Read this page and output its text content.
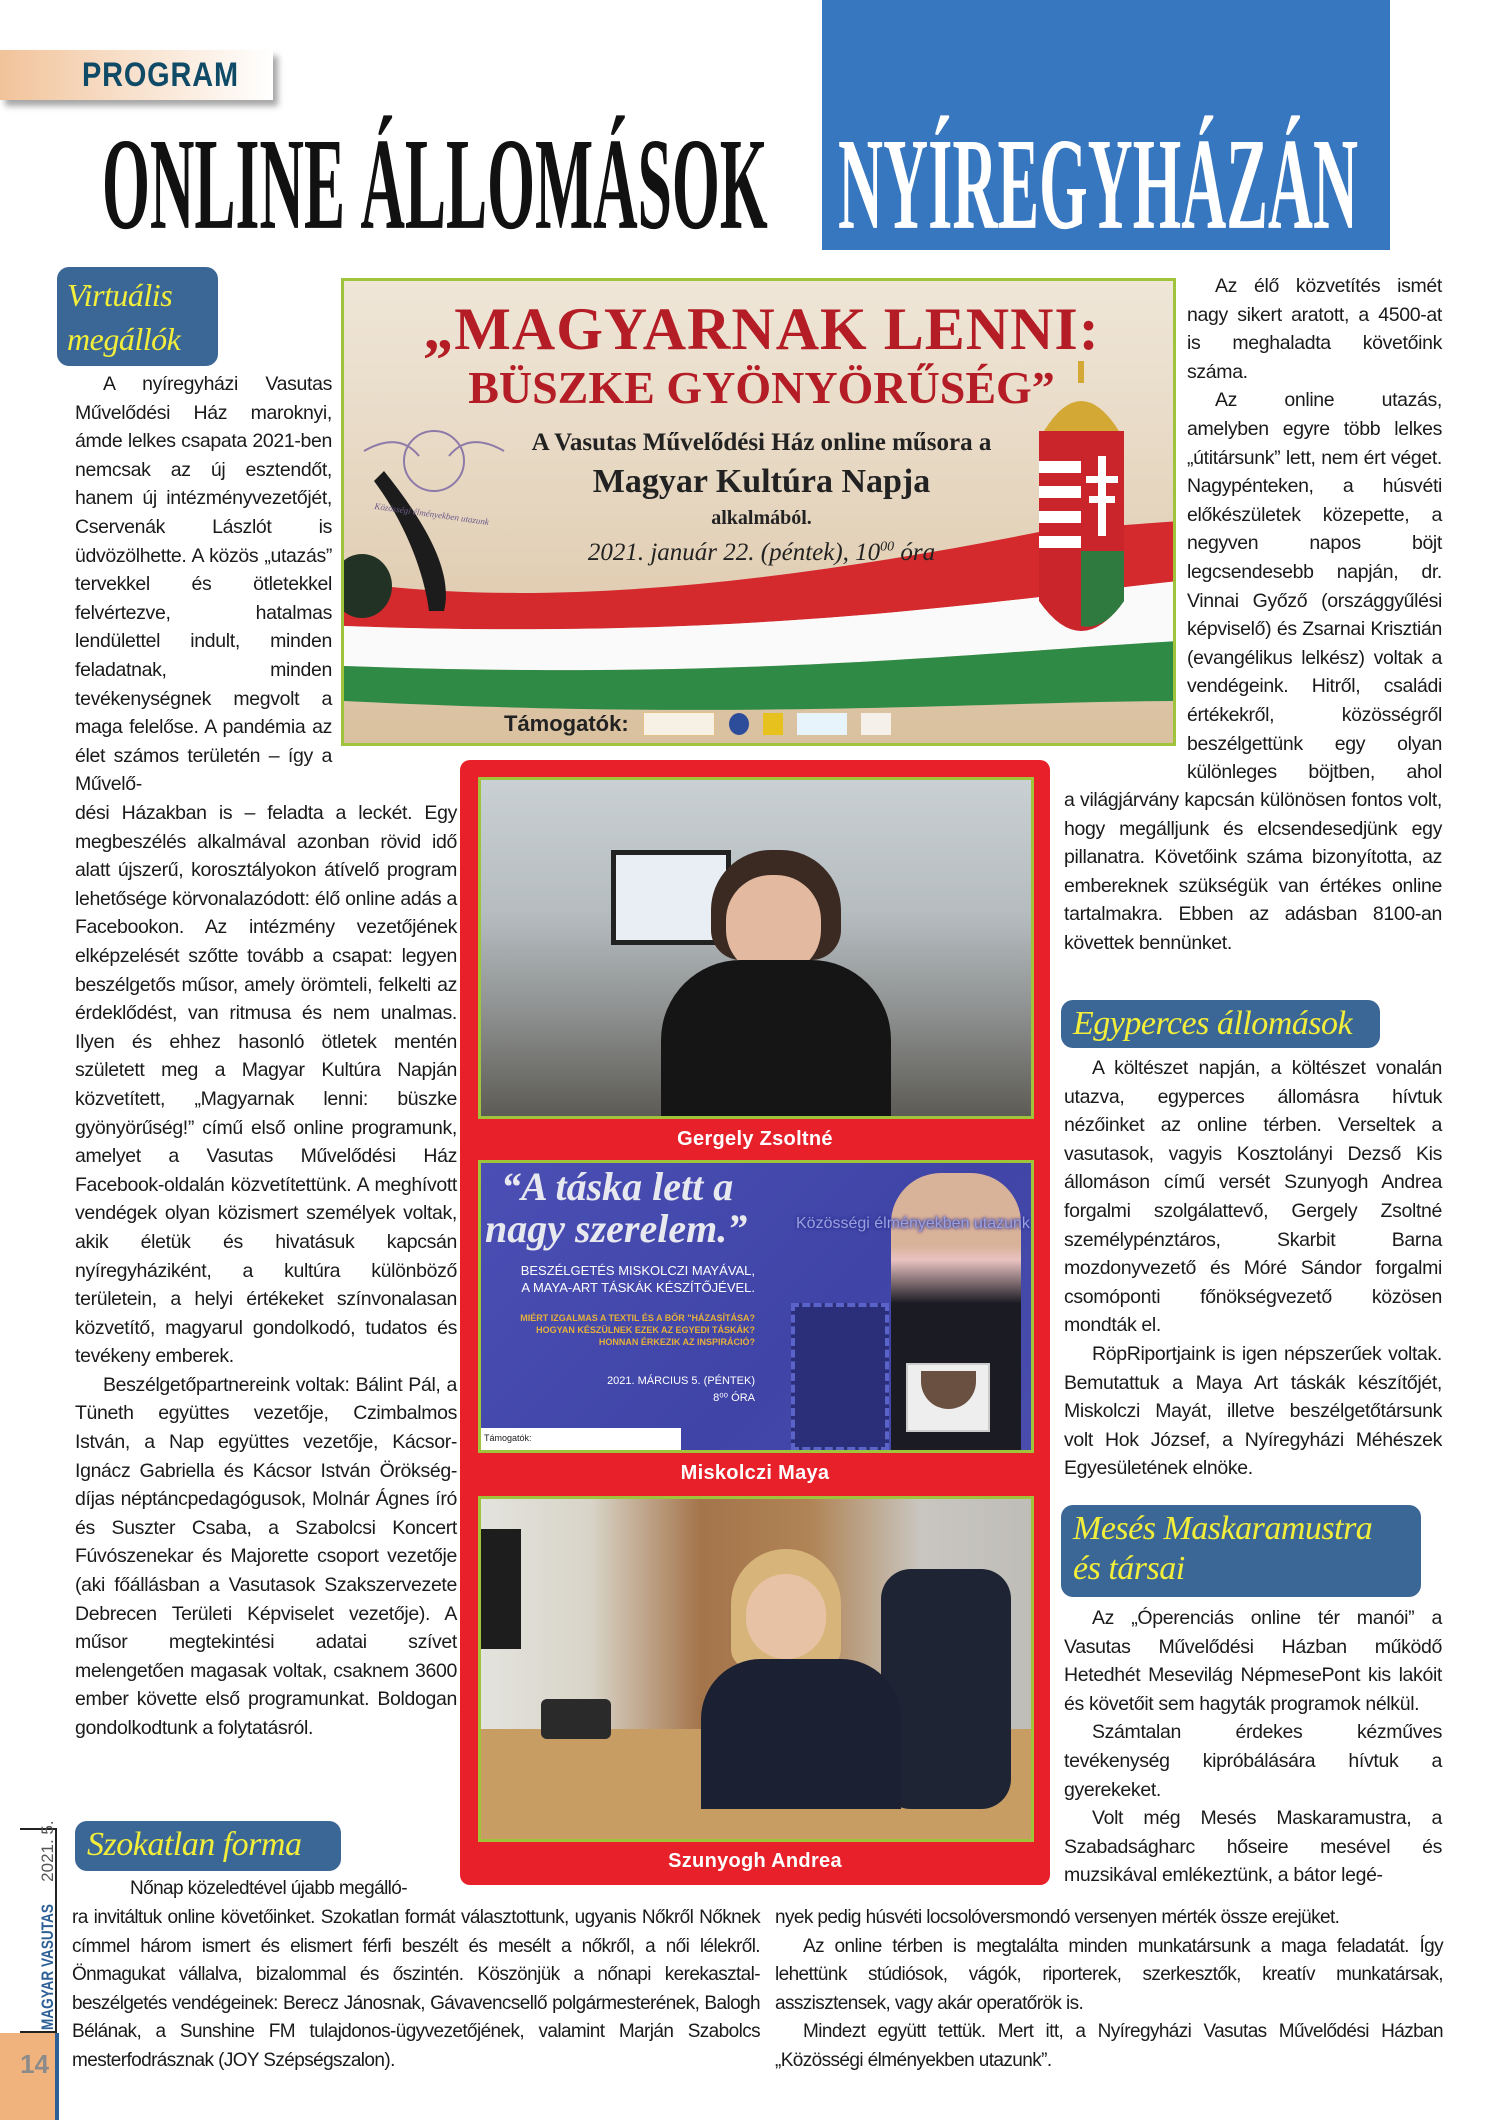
PROGRAM
ONLINE ÁLLOMÁSOK NYÍREGYHÁZÁN
Virtuális
megállók

A nyíregyházi Vasutas Művelődési Ház maroknyi, ámde lelkes csapata 2021-ben nemcsak az új esztendőt, hanem új intézményvezetőjét, Cservenák Lászlót is üdvözölhette. A közös „utazás” tervekkel és ötletekkel felvértezve, hatalmas lendülettel indult, minden feladatnak, minden tevékenységnek megvolt a maga felelőse. A pandémia az élet számos területén – így a Művelő-

dési Házakban is – feladta a leckét. Egy megbeszélés alkalmával azonban rövid idő alatt újszerű, korosztályokon átívelő program lehetősége körvonalazódott: élő online adás a Facebookon. Az intézmény vezetőjének elképzelését szőtte tovább a csapat: legyen beszélgetős műsor, amely örömteli, felkelti az érdeklődést, van ritmusa és nem unalmas. Ilyen és ehhez hasonló ötletek mentén született meg a Magyar Kultúra Napján közvetített, „Magyarnak lenni: büszke gyönyörűség!” című első online programunk, amelyet a Vasutas Művelődési Ház Facebook-oldalán közvetítettünk. A meghívott vendégek olyan közismert személyek voltak, akik életük és hivatásuk kapcsán nyíregyháziként, a kultúra különböző területein, a helyi értékeket színvonalasan közvetítő, magyarul gondolkodó, tudatos és tevékeny emberek.

Beszélgetőpartnereink voltak: Bálint Pál, a Tüneth együttes vezetője, Czimbalmos István, a Nap együttes vezetője, Kácsor-Ignácz Gabriella és Kácsor István Örökség-díjas néptáncpedagógusok, Molnár Ágnes író és Suszter Csaba, a Szabolcsi Koncert Fúvószenekar és Majorette csoport vezetője (aki főállásban a Vasutasok Szakszervezete Debrecen Területi Képviselet vezetője). A műsor megtekintési adatai szívet melengetően magasak voltak, csaknem 3600 ember követte első programunkat. Boldogan gondolkodtunk a folytatásról.

Szokatlan forma

Nőnap közeledtével újabb megálló-

ra invitáltuk online követőinket. Szokatlan formát választottunk, ugyanis Nőkről Nőknek címmel három ismert és elismert férfi beszélt és mesélt a nőkről, a női lélekről. Önmagukat vállalva, bizalommal és őszintén. Köszönjük a nőnapi kerekasztal-beszélgetés vendégeinek: Berecz Jánosnak, Gávavencsellő polgármesterének, Balogh Bélának, a Sunshine FM tulajdonos-ügyvezetőjének, valamint Marján Szabolcs mesterfodrásznak (JOY Szépségszalon).

„MAGYARNAK LENNI:
BÜSZKE GYÖNYÖRŰSÉG”
A Vasutas Művelődési Ház online műsora a
Magyar Kultúra Napja
alkalmából.
2021. január 22. (péntek), $10^{00}$ óra
Közösségi élményekben utazunk
Támogatók:
Gergely Zsoltné
“A táska lett a
nagy szerelem.”
BESZÉLGETÉS MISKOLCZI MAYÁVAL,
A MAYA-ART TÁSKÁK KÉSZÍTŐJÉVEL.
MIÉRT IZGALMAS A TEXTIL ÉS A BŐR "HÁZASÍTÁSA?
HOGYAN KÉSZÜLNEK EZEK AZ EGYEDI TÁSKÁK?
HONNAN ÉRKEZIK AZ INSPIRÁCIÓ?
2021. MÁRCIUS 5. (PÉNTEK)
8⁰⁰ ÓRA
Támogatók:
Közösségi élményekben utazunk
Miskolczi Maya
Szunyogh Andrea

Az élő közvetítés ismét nagy sikert aratott, a 4500-at is meghaladta követőink száma.

Az online utazás, amelyben egyre több lelkes „útitársunk” lett, nem ért véget. Nagypénteken, a húsvéti előkészületek közepette, a negyven napos böjt legcsendesebb napján, dr. Vinnai Győző (országgyűlési képviselő) és Zsarnai Krisztián (evangélikus lelkész) voltak a vendégeink. Hitről, családi értékekről, közösségről beszélgettünk egy olyan különleges böjtben, ahol

a világjárvány kapcsán különösen fontos volt, hogy megálljunk és elcsendesedjünk egy pillanatra. Követőink száma bizonyította, az embereknek szükségük van értékes online tartalmakra. Ebben az adásban 8100-an követtek bennünket.

Egyperces állomások

A költészet napján, a költészet vonalán utazva, egyperces állomásra hívtuk nézőinket az online térben. Verseltek a vasutasok, vagyis Kosztolányi Dezső Kis állomáson című versét Szunyogh Andrea forgalmi szolgálattevő, Gergely Zsoltné személypénztáros, Skarbit Barna mozdonyvezető és Móré Sándor forgalmi csomóponti főnökségvezető közösen mondták el.

RöpRiportjaink is igen népszerűek voltak. Bemutattuk a Maya Art táskák készítőjét, Miskolczi Mayát, illetve beszélgetőtársunk volt Hok József, a Nyíregyházi Méhészek Egyesületének elnöke.

Mesés Maskaramustra
és társai

Az „Óperenciás online tér manói” a Vasutas Művelődési Házban működő Hetedhét Mesevilág NépmesePont kis lakóit és követőit sem hagyták programok nélkül.

Számtalan érdekes kézműves tevékenység kipróbálására hívtuk a gyerekeket.

Volt még Mesés Maskaramustra, a Szabadságharc hőseire mesével és muzsikával emlékeztünk, a bátor legé-

nyek pedig húsvéti locsolóversmondó versenyen mérték össze erejüket.

Az online térben is megtalálta minden munkatársunk a maga feladatát. Így lehettünk stúdiósok, vágók, riporterek, szerkesztők, kreatív munkatársak, asszisztensek, vagy akár operatőrök is.

Mindezt együtt tettük. Mert itt, a Nyíregyházi Vasutas Művelődési Házban „Közösségi élményekben utazunk”.

MAGYAR VASUTAS 2021. 5.
14
